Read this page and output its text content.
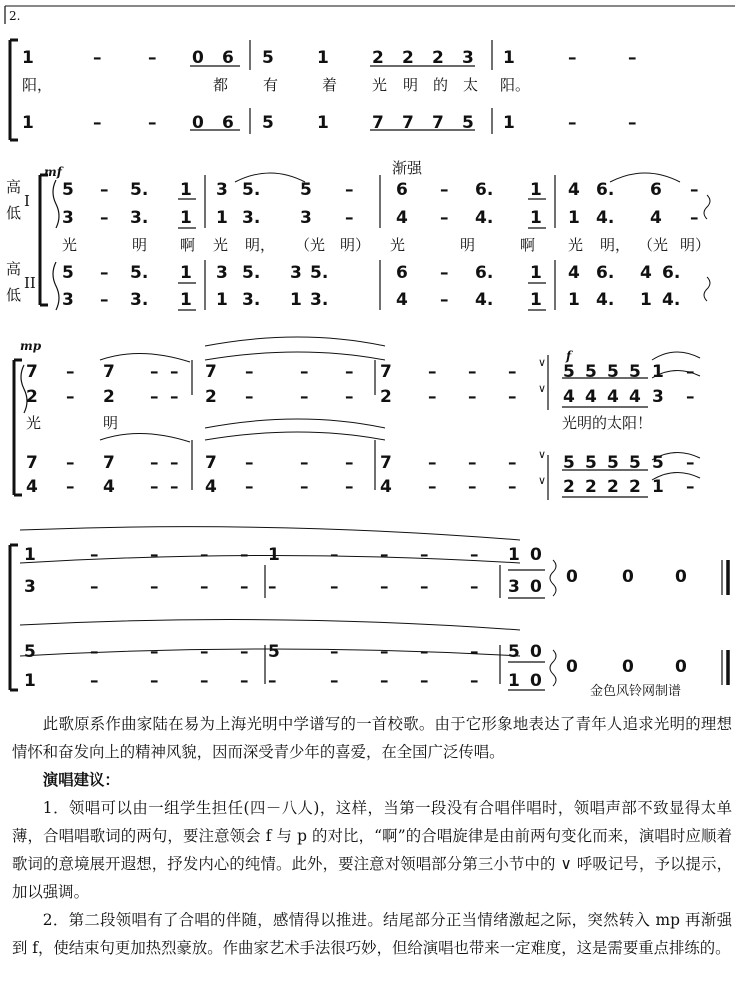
2.
1	–	– 0 6 5	1	2 2 2 3 1	–	–
阳，	都 有	着 光 明 的 太 阳。
1	–	– 0 6 5	1	7 7 7 5 1	–	–
5 – 5. 1 3 5. 5 –	6 – 6. 1 4 6. 6 –
3 – 3. 1 1 3. 3 –	4 – 4. 1 1 4. 4 –
光	明 啊 光 明， （光 明） 光	明	啊 光 明， （光 明）
5 – 5. 1 3 5. 3 5.	6 – 6. 1 4 6. 4 6.
3 – 3. 1 1 3. 1 3.	4 – 4. 1 1 4. 1 4.
7 – 7 – – 7 –	– – 7 – – –	5 5 5 5 1 –
2 – 2 – – 2 –	– – 2 – – –	4 4 4 4 3 –
光	明	光明的太阳！
7 – 7 – – 7 –	– – 7 – – –	5 5 5 5 5 –
4 – 4 – – 4 –	– – 4 – – –	2 2 2 2 1 –
∨
∨
∨
∨
1	–	– – – 1	– – – – 1 0
3	–	– – – –	– – – – 3 0
5	–	– – – 5	– – – – 5 0
1	–	– – – –	– – – – 1 0
0	0 0
0	0 0
高
低
I
高
低
II
mf	渐强
mp
f
金色风铃网制谱

此歌原系作曲家陆在易为上海光明中学谱写的一首校歌。由于它形象地表达了青年人追求光明的理想情怀和奋发向上的精神风貌，因而深受青少年的喜爱，在全国广泛传唱。

演唱建议：

1．领唱可以由一组学生担任(四－八人)，这样，当第一段没有合唱伴唱时，领唱声部不致显得太单薄，合唱唱歌词的两句，要注意领会 f 与 p 的对比，“啊”的合唱旋律是由前两句变化而来，演唱时应顺着歌词的意境展开遐想，抒发内心的纯情。此外，要注意对领唱部分第三小节中的 ∨ 呼吸记号，予以提示，加以强调。

2．第二段领唱有了合唱的伴随，感情得以推进。结尾部分正当情绪激起之际，突然转入 mp 再渐强到 f，使结束句更加热烈豪放。作曲家艺术手法很巧妙，但给演唱也带来一定难度，这是需要重点排练的。
